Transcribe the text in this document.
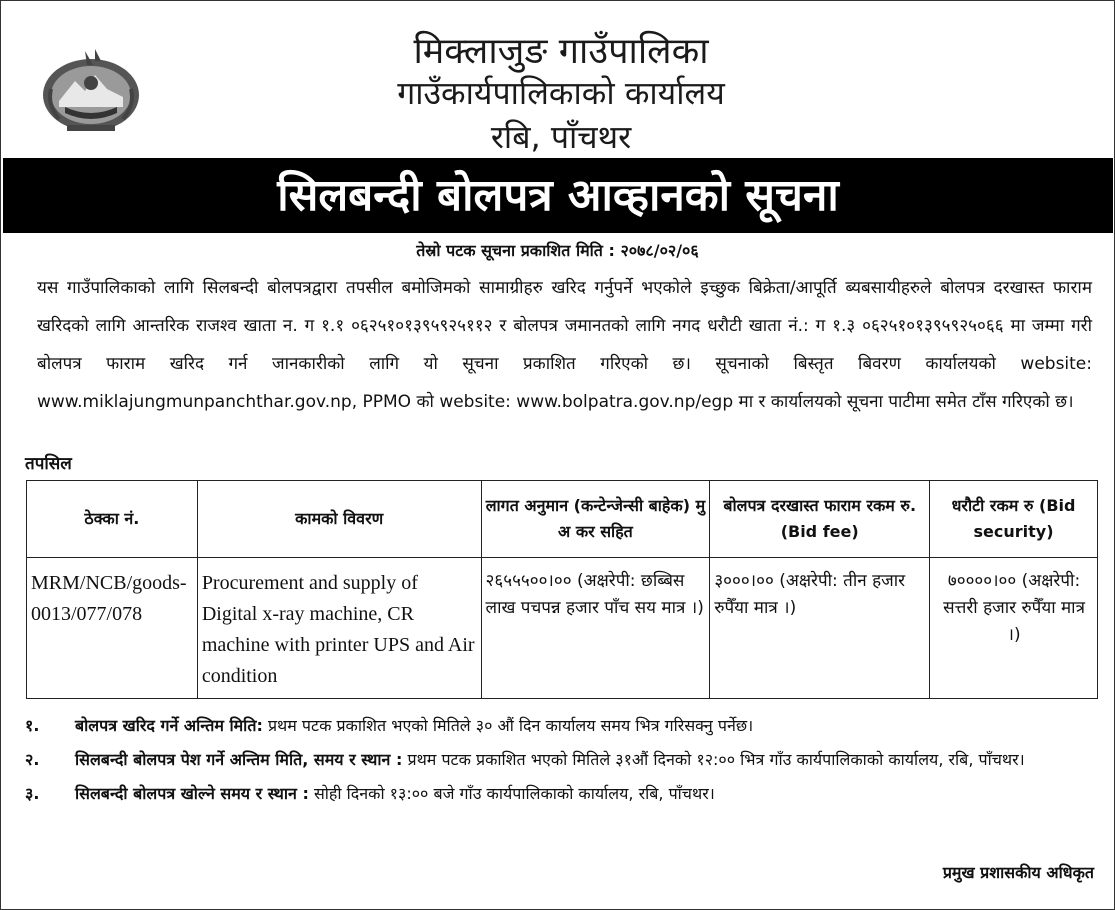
मिक्लाजुङ गाउँपालिका
गाउँकार्यपालिकाको कार्यालय
रबि, पाँचथर
सिलबन्दी बोलपत्र आव्हानको सूचना
तेस्रो पटक सूचना प्रकाशित मिति : २०७८/०२/०६
यस गाउँपालिकाको लागि सिलबन्दी बोलपत्रद्वारा तपसील बमोजिमको सामाग्रीहरु खरिद गर्नुपर्ने भएकोले इच्छुक बिक्रेता/आपूर्ति ब्यबसायीहरुले बोलपत्र दरखास्त फाराम खरिदको लागि आन्तरिक राजश्व खाता न. ग १.१ ०६२५१०१३९५९२५११२ र बोलपत्र जमानतको लागि नगद धरौटी खाता नं.: ग १.३ ०६२५१०१३९५९२५०६६ मा जम्मा गरी बोलपत्र फाराम खरिद गर्न जानकारीको लागि यो सूचना प्रकाशित गरिएको छ। सूचनाको बिस्तृत बिवरण कार्यालयको website: www.miklajungmunpanchthar.gov.np, PPMO को website: www.bolpatra.gov.np/egp मा र कार्यालयको सूचना पाटीमा समेत टाँस गरिएको छ।
तपसिल
ठेक्का नं.	कामको विवरण	लागत अनुमान (कन्टेन्जेन्सी बाहेक) मु अ कर सहित	बोलपत्र दरखास्त फाराम रकम रु.(Bid fee)	धरौटी रकम रु (Bid security)
MRM/NCB/goods-0013/077/078	Procurement and supply of Digital x-ray machine, CR machine with printer UPS and Air condition	२६५५५००।०० (अक्षरेपी: छब्बिस लाख पचपन्न हजार पाँच सय मात्र ।)	३०००।०० (अक्षरेपी: तीन हजार रुपैँया मात्र ।)	७००००।०० (अक्षरेपी: सत्तरी हजार रुपैँया मात्र ।)
१. बोलपत्र खरिद गर्ने अन्तिम मिति: प्रथम पटक प्रकाशित भएको मितिले ३० औं दिन कार्यालय समय भित्र गरिसक्नु पर्नेछ।
२. सिलबन्दी बोलपत्र पेश गर्ने अन्तिम मिति, समय र स्थान : प्रथम पटक प्रकाशित भएको मितिले ३१औं दिनको १२:०० भित्र गाँउ कार्यपालिकाको कार्यालय, रबि, पाँचथर।
३. सिलबन्दी बोलपत्र खोल्ने समय र स्थान : सोही दिनको १३:०० बजे गाँउ कार्यपालिकाको कार्यालय, रबि, पाँचथर।
प्रमुख प्रशासकीय अधिकृत
